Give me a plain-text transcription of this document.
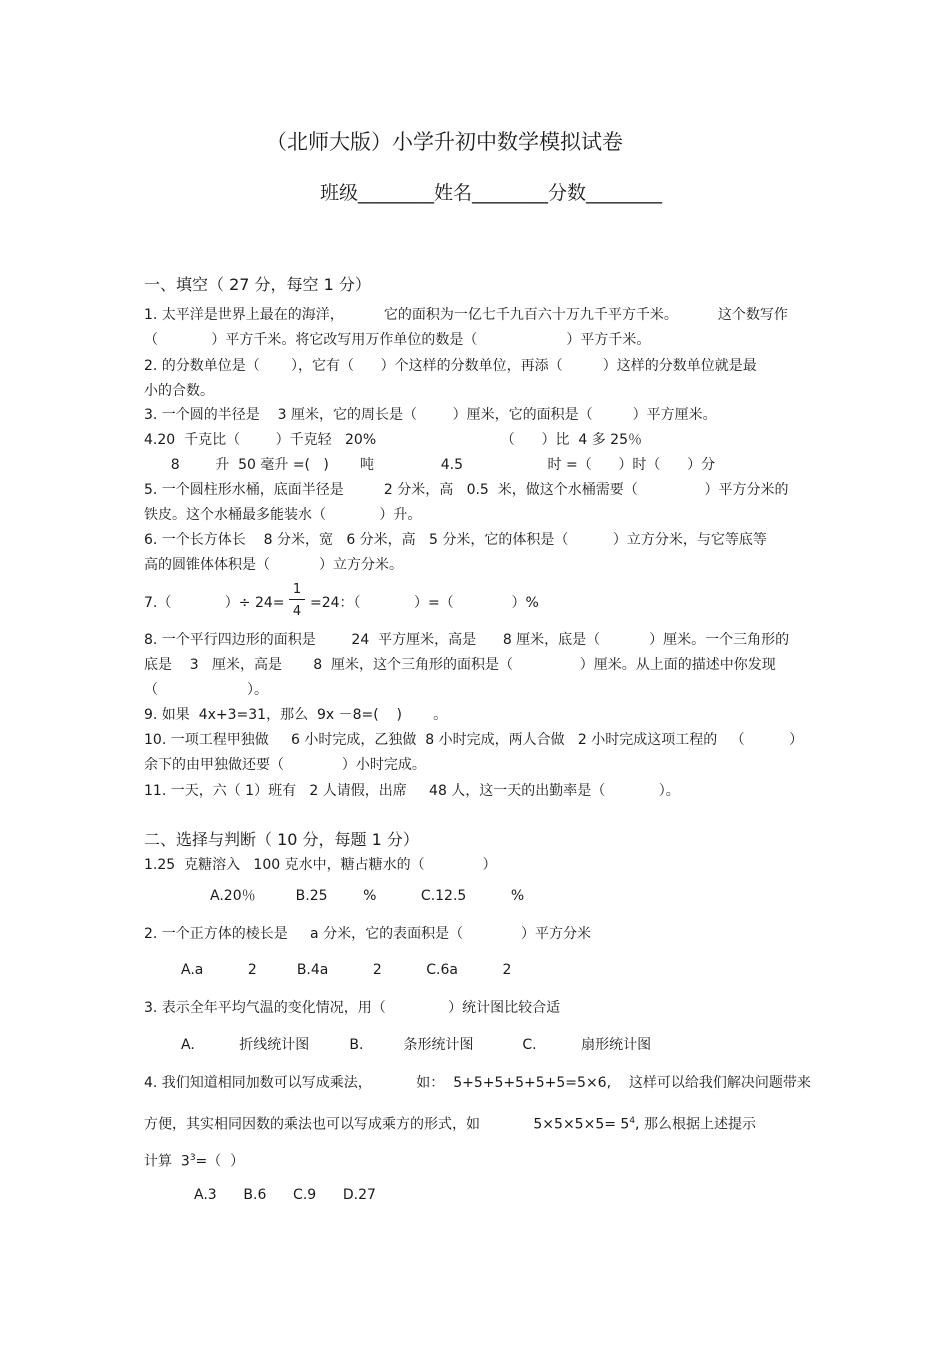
（北师大版）小学升初中数学模拟试卷
班级________姓名________分数________
一、填空（ 27 分，每空 1 分）
1. 太平洋是世界上最在的海洋，         它的面积为一亿七千九百六十万九千平方千米。         这个数写作
（            ）平方千米。将它改写用万作单位的数是（                    ）平方千米。
2. 的分数单位是（       ），它有（      ）个这样的分数单位，再添（         ）这样的分数单位就是最
小的合数。
3. 一个圆的半径是    3 厘米，它的周长是（        ）厘米，它的面积是（         ）平方厘米。
4.20  千克比（        ）千克轻   20%                            （      ）比  4 多 25％
8        升  50 毫升 =(   )       吨               4.5                   时 =（      ）时（      ）分
5. 一个圆柱形水桶，底面半径是         2 分米，高   0.5  米，做这个水桶需要（               ）平方分米的
铁皮。这个水桶最多能装水（            ）升。
6. 一个长方体长    8 分米，宽   6 分米，高   5 分米，它的体积是（          ）立方分米，与它等底等
高的圆锥体体积是（           ）立方分米。
7.（            ）÷ 24=
1
4
=24：（            ）=（             ）%
8. 一个平行四边形的面积是        24  平方厘米，高是      8 厘米，底是（           ）厘米。一个三角形的
底是    3   厘米，高是       8  厘米，这个三角形的面积是（               ）厘米。从上面的描述中你发现
（                    ）。
9. 如果  4x+3=31，那么  9x －8=(    )       。
10. 一项工程甲独做     6 小时完成，乙独做  8 小时完成，两人合做   2 小时完成这项工程的   （          ）
余下的由甲独做还要（             ）小时完成。
11. 一天，六（ 1）班有   2 人请假，出席     48 人，这一天的出勤率是（            ）。
二、选择与判断（ 10 分，每题 1 分）
1.25  克糖溶入   100 克水中，糖占糖水的（             ）
A.20％         B.25        %          C.12.5          %
2. 一个正方体的棱长是     a 分米，它的表面积是（             ）平方分米
A.a          2         B.4a          2          C.6a          2
3. 表示全年平均气温的变化情况，用（              ）统计图比较合适
A.          折线统计图         B.         条形统计图           C.          扇形统计图
4. 我们知道相同加数可以写成乘法，          如：  5+5+5+5+5+5=5×6,    这样可以给我们解决问题带来
方便，其实相同因数的乘法也可以写成乘方的形式，如            $5\times 5\times 5\times 5= 5^4$, 那么根据上述提示
计算  $3^3=$（  ）
A.3      B.6      C.9      D.27
